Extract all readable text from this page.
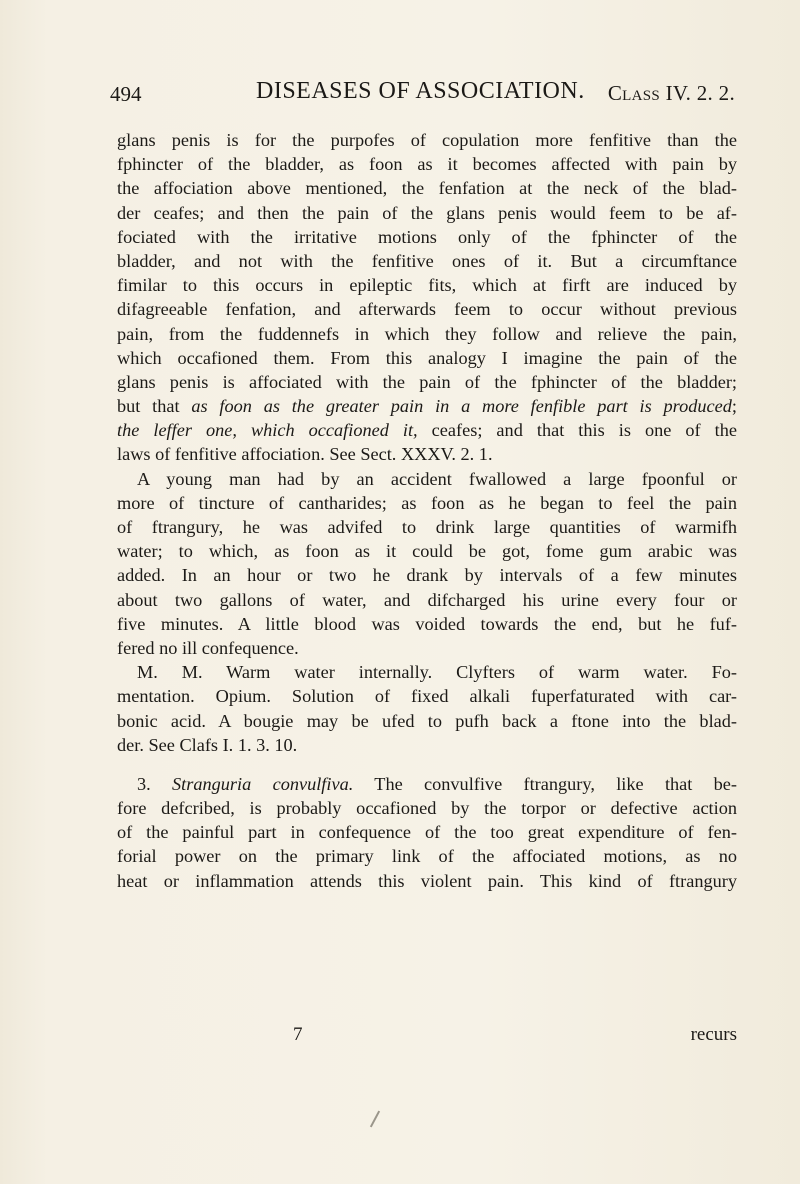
494	DISEASES OF ASSOCIATION. Class IV. 2. 2.
glans penis is for the purpofes of copulation more fenfitive than the
fphincter of the bladder, as foon as it becomes affected with pain by
the affociation above mentioned, the fenfation at the neck of the blad-
der ceafes; and then the pain of the glans penis would feem to be af-
fociated with the irritative motions only of the fphincter of the
bladder, and not with the fenfitive ones of it. But a circumftance
fimilar to this occurs in epileptic fits, which at firft are induced by
difagreeable fenfation, and afterwards feem to occur without previous
pain, from the fuddennefs in which they follow and relieve the pain,
which occafioned them. From this analogy I imagine the pain of the
glans penis is affociated with the pain of the fphincter of the bladder;
but that as foon as the greater pain in a more fenfible part is produced;
the leffer one, which occafioned it, ceafes; and that this is one of the
laws of fenfitive affociation. See Sect. XXXV. 2. 1.
A young man had by an accident fwallowed a large fpoonful or
more of tincture of cantharides; as foon as he began to feel the pain
of ftrangury, he was advifed to drink large quantities of warmifh
water; to which, as foon as it could be got, fome gum arabic was
added. In an hour or two he drank by intervals of a few minutes
about two gallons of water, and difcharged his urine every four or
five minutes. A little blood was voided towards the end, but he fuf-
fered no ill confequence.
M. M. Warm water internally. Clyfters of warm water. Fo-
mentation. Opium. Solution of fixed alkali fuperfaturated with car-
bonic acid. A bougie may be ufed to pufh back a ftone into the blad-
der. See Clafs I. 1. 3. 10.
3. Stranguria convulfiva. The convulfive ftrangury, like that be-
fore defcribed, is probably occafioned by the torpor or defective action
of the painful part in confequence of the too great expenditure of fen-
forial power on the primary link of the affociated motions, as no
heat or inflammation attends this violent pain. This kind of ftrangury
7	recurs
